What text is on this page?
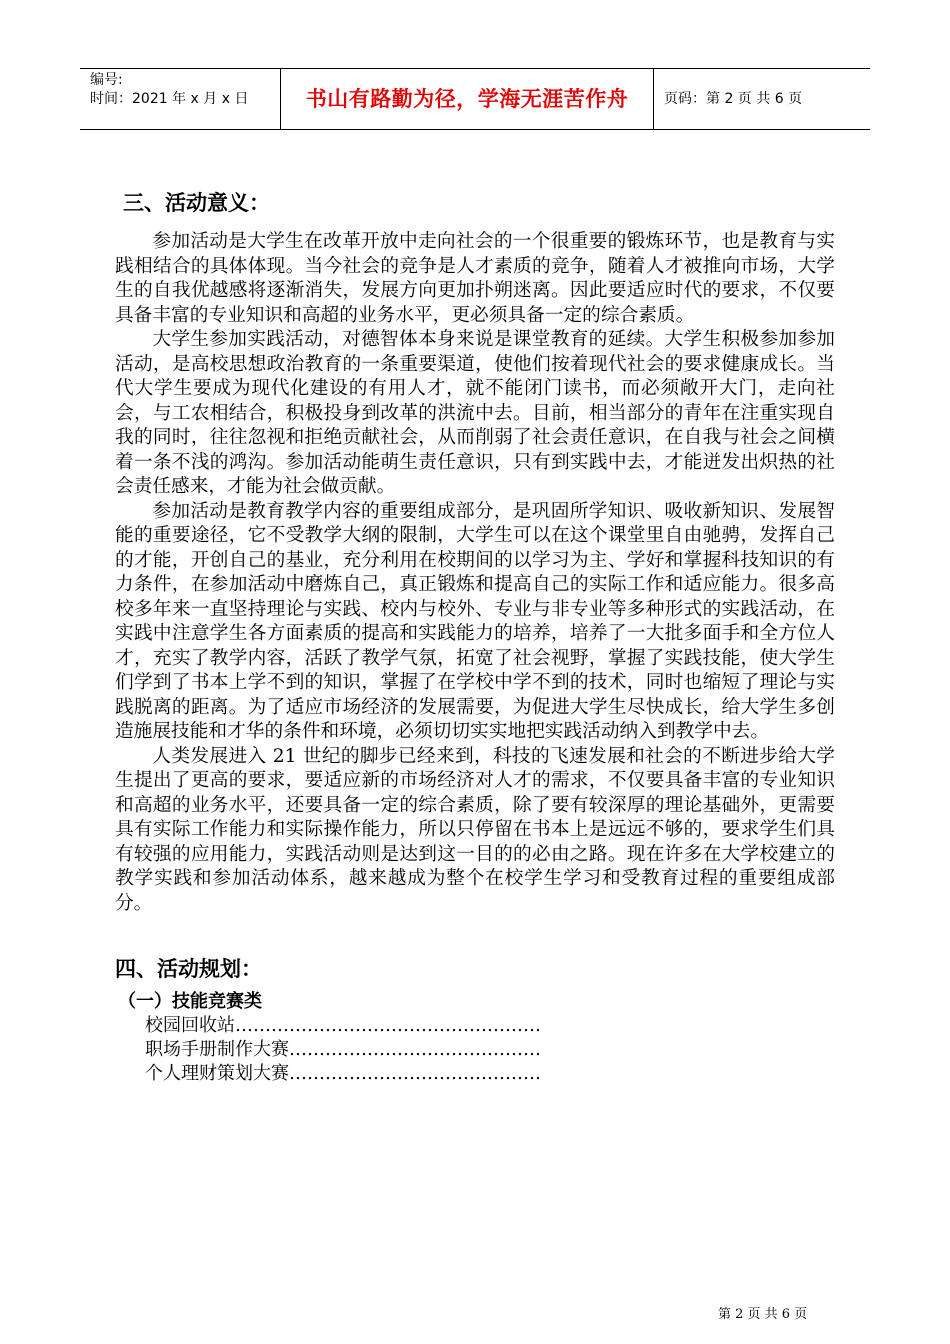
编号:
时间：2021 年 x 月 x 日	书山有路勤为径，学海无涯苦作舟	页码：第 2 页 共 6 页
三、活动意义：

参加活动是大学生在改革开放中走向社会的一个很重要的锻炼环节，也是教育与实践相结合的具体体现。当今社会的竞争是人才素质的竞争，随着人才被推向市场，大学生的自我优越感将逐渐消失，发展方向更加扑朔迷离。因此要适应时代的要求，不仅要具备丰富的专业知识和高超的业务水平，更必须具备一定的综合素质。

大学生参加实践活动，对德智体本身来说是课堂教育的延续。大学生积极参加参加活动，是高校思想政治教育的一条重要渠道，使他们按着现代社会的要求健康成长。当代大学生要成为现代化建设的有用人才，就不能闭门读书，而必须敞开大门，走向社会，与工农相结合，积极投身到改革的洪流中去。目前，相当部分的青年在注重实现自我的同时，往往忽视和拒绝贡献社会，从而削弱了社会责任意识，在自我与社会之间横着一条不浅的鸿沟。参加活动能萌生责任意识，只有到实践中去，才能迸发出炽热的社会责任感来，才能为社会做贡献。

参加活动是教育教学内容的重要组成部分，是巩固所学知识、吸收新知识、发展智能的重要途径，它不受教学大纲的限制，大学生可以在这个课堂里自由驰骋，发挥自己的才能，开创自己的基业，充分利用在校期间的以学习为主、学好和掌握科技知识的有力条件，在参加活动中磨炼自己，真正锻炼和提高自己的实际工作和适应能力。很多高校多年来一直坚持理论与实践、校内与校外、专业与非专业等多种形式的实践活动，在实践中注意学生各方面素质的提高和实践能力的培养，培养了一大批多面手和全方位人才，充实了教学内容，活跃了教学气氛，拓宽了社会视野，掌握了实践技能，使大学生们学到了书本上学不到的知识，掌握了在学校中学不到的技术，同时也缩短了理论与实践脱离的距离。为了适应市场经济的发展需要，为促进大学生尽快成长，给大学生多创造施展技能和才华的条件和环境，必须切切实实地把实践活动纳入到教学中去。

人类发展进入 21 世纪的脚步已经来到，科技的飞速发展和社会的不断进步给大学生提出了更高的要求，要适应新的市场经济对人才的需求，不仅要具备丰富的专业知识和高超的业务水平，还要具备一定的综合素质，除了要有较深厚的理论基础外，更需要具有实际工作能力和实际操作能力，所以只停留在书本上是远远不够的，要求学生们具有较强的应用能力，实践活动则是达到这一目的的必由之路。现在许多在大学校建立的教学实践和参加活动体系，越来越成为整个在校学生学习和受教育过程的重要组成部分。

四、活动规划：
（一）技能竞赛类
校园回收站……………………………………………
职场手册制作大赛……………………………………
个人理财策划大赛……………………………………
第 2 页 共 6 页
